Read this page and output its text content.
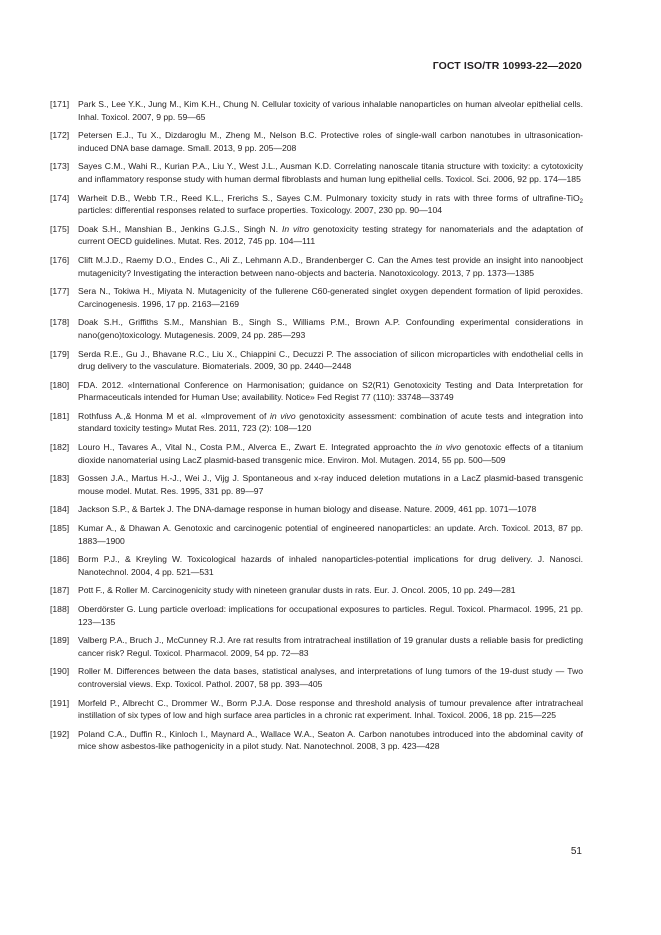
ГОСТ ISO/TR 10993-22—2020
[171]	Park S., Lee Y.K., Jung M., Kim K.H., Chung N. Cellular toxicity of various inhalable nanoparticles on human alveolar epithelial cells. Inhal. Toxicol. 2007, 9 pp. 59—65
[172]	Petersen E.J., Tu X., Dizdaroglu M., Zheng M., Nelson B.C. Protective roles of single-wall carbon nanotubes in ultrasonication-induced DNA base damage. Small. 2013, 9 pp. 205—208
[173]	Sayes C.M., Wahi R., Kurian P.A., Liu Y., West J.L., Ausman K.D. Correlating nanoscale titania structure with toxicity: a cytotoxicity and inflammatory response study with human dermal fibroblasts and human lung epithelial cells. Toxicol. Sci. 2006, 92 pp. 174—185
[174]	Warheit D.B., Webb T.R., Reed K.L., Frerichs S., Sayes C.M. Pulmonary toxicity study in rats with three forms of ultrafine-TiO$_2$ particles: differential responses related to surface properties. Toxicology. 2007, 230 pp. 90—104
[175]	Doak S.H., Manshian B., Jenkins G.J.S., Singh N. In vitro genotoxicity testing strategy for nanomaterials and the adaptation of current OECD guidelines. Mutat. Res. 2012, 745 pp. 104—111
[176]	Clift M.J.D., Raemy D.O., Endes C., Ali Z., Lehmann A.D., Brandenberger C. Can the Ames test provide an insight into nanoobject mutagenicity? Investigating the interaction between nano-objects and bacteria. Nanotoxicology. 2013, 7 pp. 1373—1385
[177]	Sera N., Tokiwa H., Miyata N. Mutagenicity of the fullerene C60-generated singlet oxygen dependent formation of lipid peroxides. Carcinogenesis. 1996, 17 pp. 2163—2169
[178]	Doak S.H., Griffiths S.M., Manshian B., Singh S., Williams P.M., Brown A.P. Confounding experimental considerations in nano(geno)toxicology. Mutagenesis. 2009, 24 pp. 285—293
[179]	Serda R.E., Gu J., Bhavane R.C., Liu X., Chiappini C., Decuzzi P. The association of silicon microparticles with endothelial cells in drug delivery to the vasculature. Biomaterials. 2009, 30 pp. 2440—2448
[180]	FDA. 2012. «International Conference on Harmonisation; guidance on S2(R1) Genotoxicity Testing and Data Interpretation for Pharmaceuticals intended for Human Use; availability. Notice» Fed Regist 77 (110): 33748—33749
[181]	Rothfuss A.,& Honma M et al. «Improvement of in vivo genotoxicity assessment: combination of acute tests and integration into standard toxicity testing» Mutat Res. 2011, 723 (2): 108—120
[182]	Louro H., Tavares A., Vital N., Costa P.M., Alverca E., Zwart E. Integrated approachto the in vivo genotoxic effects of a titanium dioxide nanomaterial using LacZ plasmid-based transgenic mice. Environ. Mol. Mutagen. 2014, 55 pp. 500—509
[183]	Gossen J.A., Martus H.-J., Wei J., Vijg J. Spontaneous and x-ray induced deletion mutations in a LacZ plasmid-based transgenic mouse model. Mutat. Res. 1995, 331 pp. 89—97
[184]	Jackson S.P., & Bartek J. The DNA-damage response in human biology and disease. Nature. 2009, 461 pp. 1071—1078
[185]	Kumar A., & Dhawan A. Genotoxic and carcinogenic potential of engineered nanoparticles: an update. Arch. Toxicol. 2013, 87 pp. 1883—1900
[186]	Borm P.J., & Kreyling W. Toxicological hazards of inhaled nanoparticles-potential implications for drug delivery. J. Nanosci. Nanotechnol. 2004, 4 pp. 521—531
[187]	Pott F., & Roller M. Carcinogenicity study with nineteen granular dusts in rats. Eur. J. Oncol. 2005, 10 pp. 249—281
[188]	Oberdörster G. Lung particle overload: implications for occupational exposures to particles. Regul. Toxicol. Pharmacol. 1995, 21 pp. 123—135
[189]	Valberg P.A., Bruch J., McCunney R.J. Are rat results from intratracheal instillation of 19 granular dusts a reliable basis for predicting cancer risk? Regul. Toxicol. Pharmacol. 2009, 54 pp. 72—83
[190]	Roller M. Differences between the data bases, statistical analyses, and interpretations of lung tumors of the 19-dust study — Two controversial views. Exp. Toxicol. Pathol. 2007, 58 pp. 393—405
[191]	Morfeld P., Albrecht C., Drommer W., Borm P.J.A. Dose response and threshold analysis of tumour prevalence after intratracheal instillation of six types of low and high surface area particles in a chronic rat experiment. Inhal. Toxicol. 2006, 18 pp. 215—225
[192]	Poland C.A., Duffin R., Kinloch I., Maynard A., Wallace W.A., Seaton A. Carbon nanotubes introduced into the abdominal cavity of mice show asbestos-like pathogenicity in a pilot study. Nat. Nanotechnol. 2008, 3 pp. 423—428
51
